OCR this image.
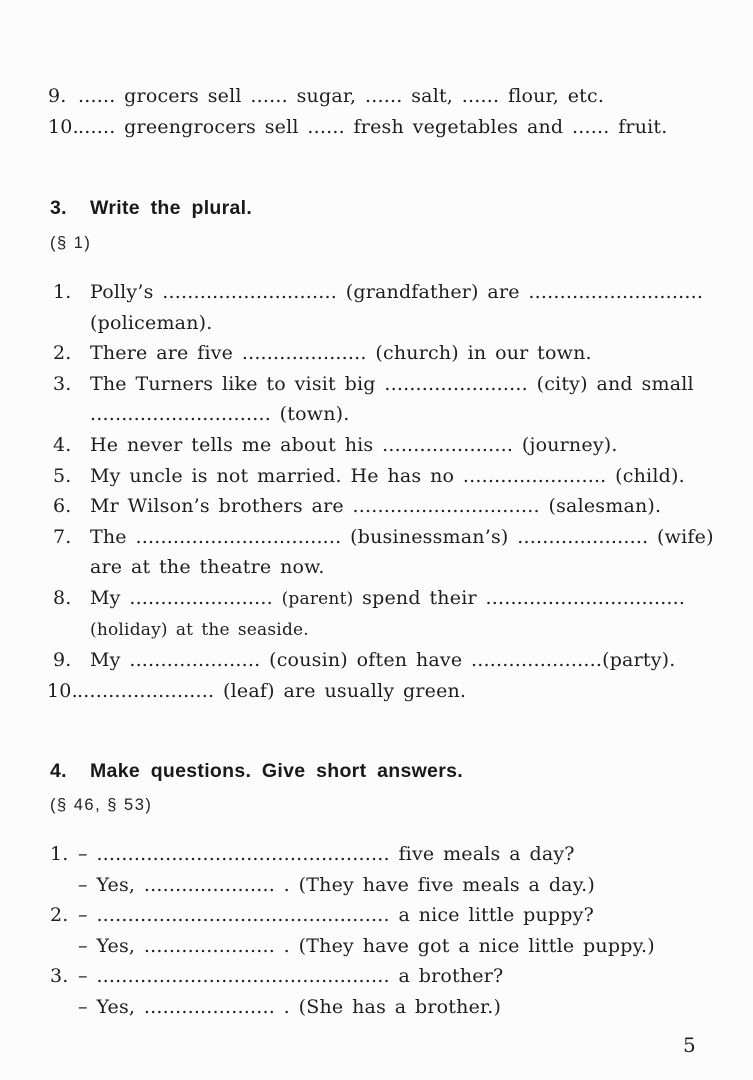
9. ...... grocers sell ...... sugar, ...... salt, ...... flour, etc.
10. ...... greengrocers sell ...... fresh vegetables and ...... fruit.
3.	Write the plural.
(§ 1)
1. Polly’s ............................ (grandfather) are ............................
(policeman).
2. There are five .................... (church) in our town.
3. The Turners like to visit big ....................... (city) and small
............................. (town).
4. He never tells me about his ..................... (journey).
5. My uncle is not married. He has no ....................... (child).
6. Mr Wilson’s brothers are .............................. (salesman).
7. The ................................. (businessman’s) ..................... (wife)
are at the theatre now.
8. My ....................... (parent) spend their ................................
(holiday) at the seaside.
9. My ..................... (cousin) often have .....................(party).
10. ...................... (leaf) are usually green.
4.	Make questions. Give short answers.
(§ 46, § 53)
1. – ............................................... five meals a day?
– Yes, ..................... . (They have five meals a day.)
2. – ............................................... a nice little puppy?
– Yes, ..................... . (They have got a nice little puppy.)
3. – ............................................... a brother?
– Yes, ..................... . (She has a brother.)
5
